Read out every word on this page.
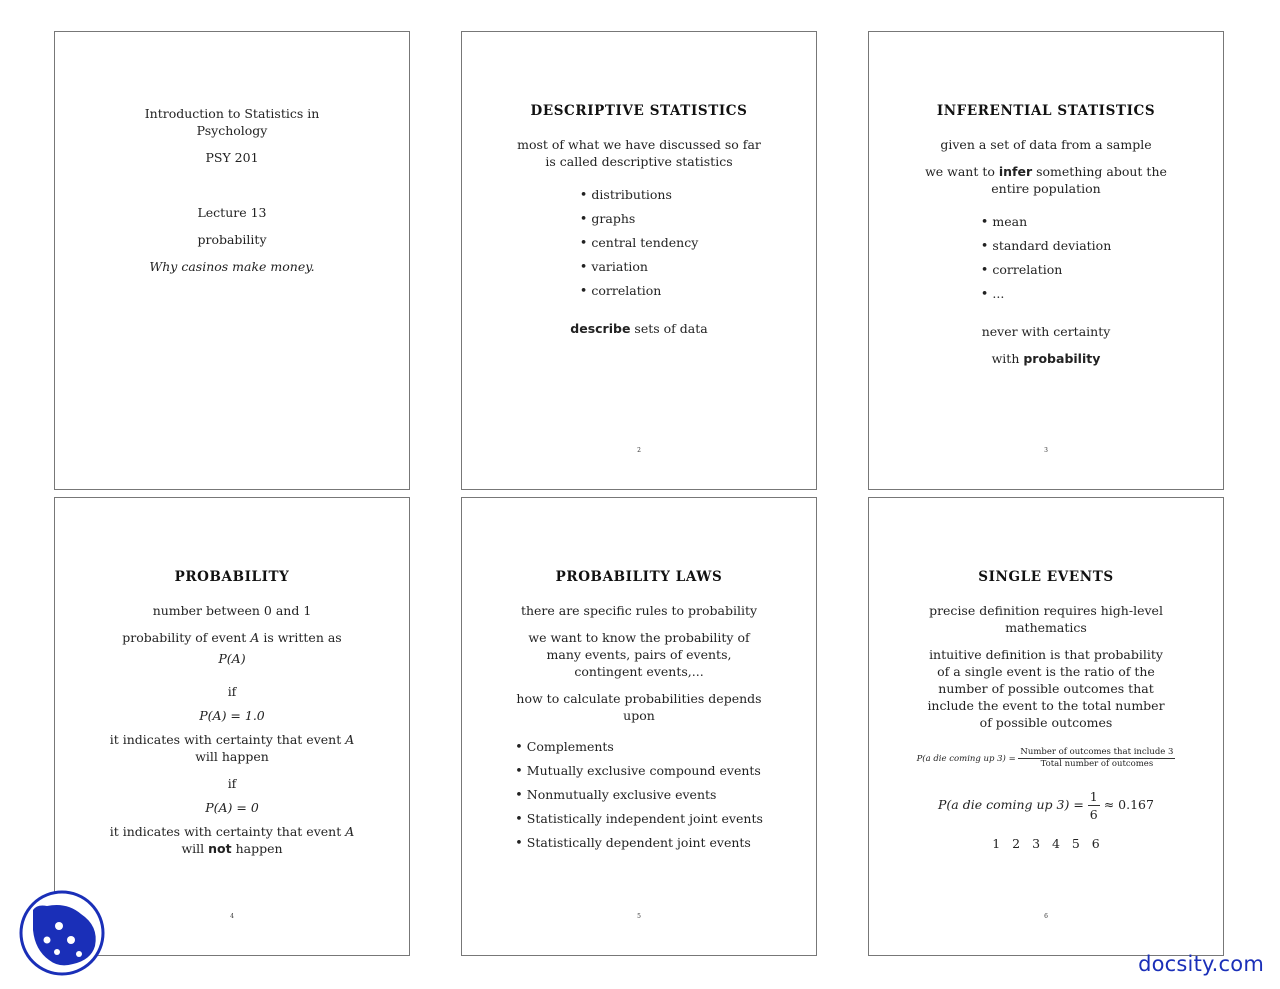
Introduction to Statistics in
Psychology
PSY 201
Lecture 13
probability
Why casinos make money.
DESCRIPTIVE STATISTICS
most of what we have discussed so far
is called descriptive statistics
• distributions
• graphs
• central tendency
• variation
• correlation
describe sets of data
2
INFERENTIAL STATISTICS
given a set of data from a sample
we want to infer something about the
entire population
• mean
• standard deviation
• correlation
• ...
never with certainty
with probability
3
PROBABILITY
number between 0 and 1
probability of event A is written as
P(A)
if
P(A) = 1.0
it indicates with certainty that event A
will happen
if
P(A) = 0
it indicates with certainty that event A
will not happen
4
PROBABILITY LAWS
there are specific rules to probability
we want to know the probability of
many events, pairs of events,
contingent events,...
how to calculate probabilities depends
upon
• Complements
• Mutually exclusive compound events
• Nonmutually exclusive events
• Statistically independent joint events
• Statistically dependent joint events
5
SINGLE EVENTS
precise definition requires high-level
mathematics
intuitive definition is that probability
of a single event is the ratio of the
number of possible outcomes that
include the event to the total number
of possible outcomes
P(a die coming up $3) = \frac{\text{Number of outcomes that include 3}}{\text{Total number of outcomes}}$
P(a die coming up $3) = \frac{1}{6} \approx 0.167$
1  2  3  4  5  6
6
docsity.com
